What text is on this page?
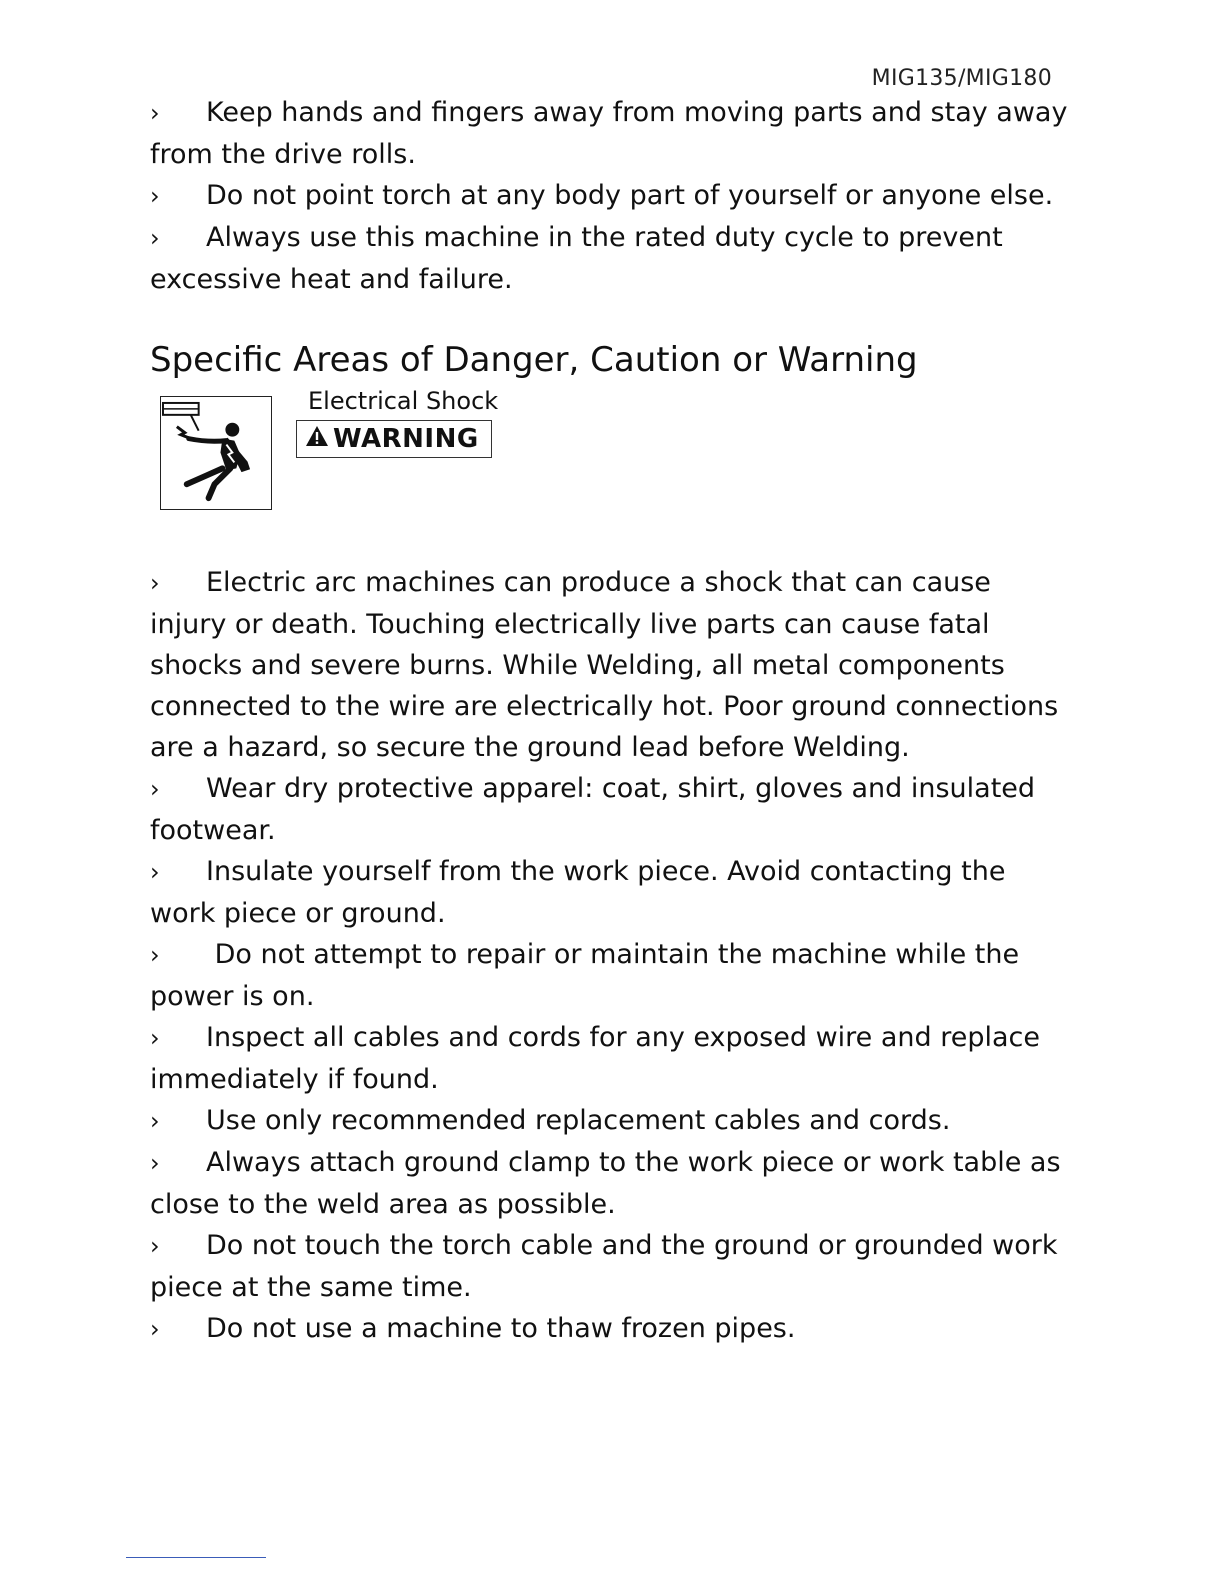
MIG135/MIG180

› Keep hands and fingers away from moving parts and stay away from the drive rolls.

› Do not point torch at any body part of yourself or anyone else.

› Always use this machine in the rated duty cycle to prevent excessive heat and failure.

Specific Areas of Danger, Caution or Warning
Electrical Shock
WARNING

› Electric arc machines can produce a shock that can cause injury or death. Touching electrically live parts can cause fatal shocks and severe burns. While Welding, all metal components connected to the wire are electrically hot. Poor ground connections are a hazard, so secure the ground lead before Welding.

› Wear dry protective apparel: coat, shirt, gloves and insulated footwear.

› Insulate yourself from the work piece. Avoid contacting the work piece or ground.

› Do not attempt to repair or maintain the machine while the power is on.

› Inspect all cables and cords for any exposed wire and replace immediately if found.

› Use only recommended replacement cables and cords.

› Always attach ground clamp to the work piece or work table as close to the weld area as possible.

› Do not touch the torch cable and the ground or grounded work piece at the same time.

› Do not use a machine to thaw frozen pipes.
